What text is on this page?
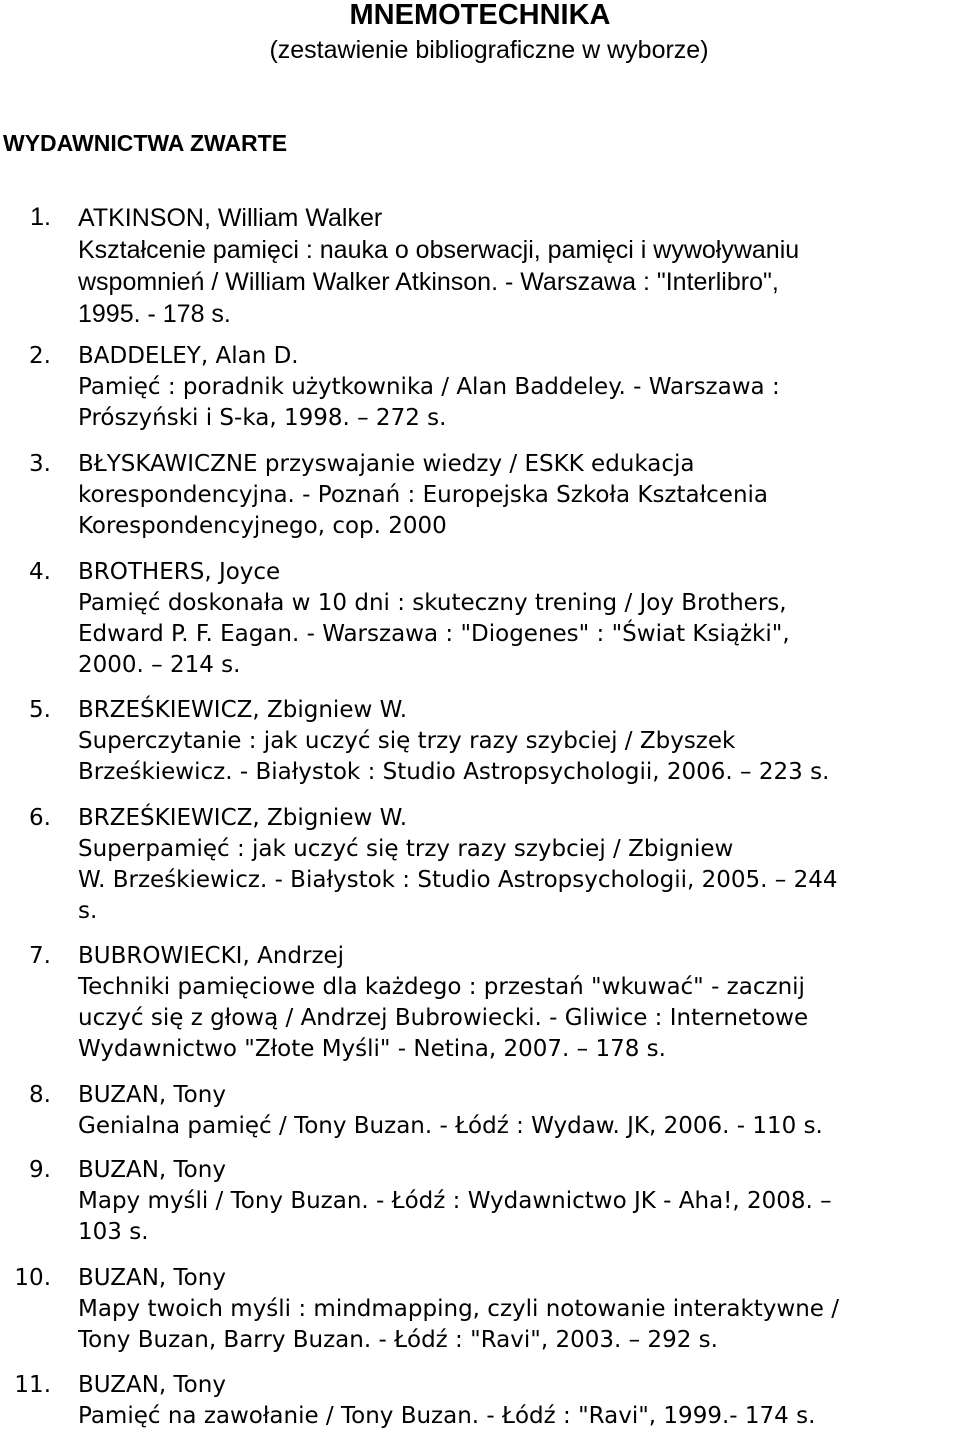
MNEMOTECHNIKA
(zestawienie bibliograficzne w wyborze)
WYDAWNICTWA ZWARTE
1. ATKINSON, William Walker
Kształcenie pamięci : nauka o obserwacji, pamięci i wywoływaniu
wspomnień / William Walker Atkinson. - Warszawa : "Interlibro",
1995. - 178 s.
2. BADDELEY, Alan D.
Pamięć : poradnik użytkownika / Alan Baddeley. - Warszawa :
Prószyński i S-ka, 1998. – 272 s.
3. BŁYSKAWICZNE przyswajanie wiedzy / ESKK edukacja
korespondencyjna. - Poznań : Europejska Szkoła Kształcenia
Korespondencyjnego, cop. 2000
4. BROTHERS, Joyce
Pamięć doskonała w 10 dni : skuteczny trening / Joy Brothers,
Edward P. F. Eagan. - Warszawa : "Diogenes" : "Świat Książki",
2000. – 214 s.
5. BRZEŚKIEWICZ, Zbigniew W.
Superczytanie : jak uczyć się trzy razy szybciej / Zbyszek
Brześkiewicz. - Białystok : Studio Astropsychologii, 2006. – 223 s.
6. BRZEŚKIEWICZ, Zbigniew W.
Superpamięć : jak uczyć się trzy razy szybciej / Zbigniew
W. Brześkiewicz. - Białystok : Studio Astropsychologii, 2005. – 244
s.
7. BUBROWIECKI, Andrzej
Techniki pamięciowe dla każdego : przestań "wkuwać" - zacznij
uczyć się z głową / Andrzej Bubrowiecki. - Gliwice : Internetowe
Wydawnictwo "Złote Myśli" - Netina, 2007. – 178 s.
8. BUZAN, Tony
Genialna pamięć / Tony Buzan. - Łódź : Wydaw. JK, 2006. - 110 s.
9. BUZAN, Tony
Mapy myśli / Tony Buzan. - Łódź : Wydawnictwo JK - Aha!, 2008. –
103 s.
10. BUZAN, Tony
Mapy twoich myśli : mindmapping, czyli notowanie interaktywne /
Tony Buzan, Barry Buzan. - Łódź : "Ravi", 2003. – 292 s.
11. BUZAN, Tony
Pamięć na zawołanie / Tony Buzan. - Łódź : "Ravi", 1999.- 174 s.
